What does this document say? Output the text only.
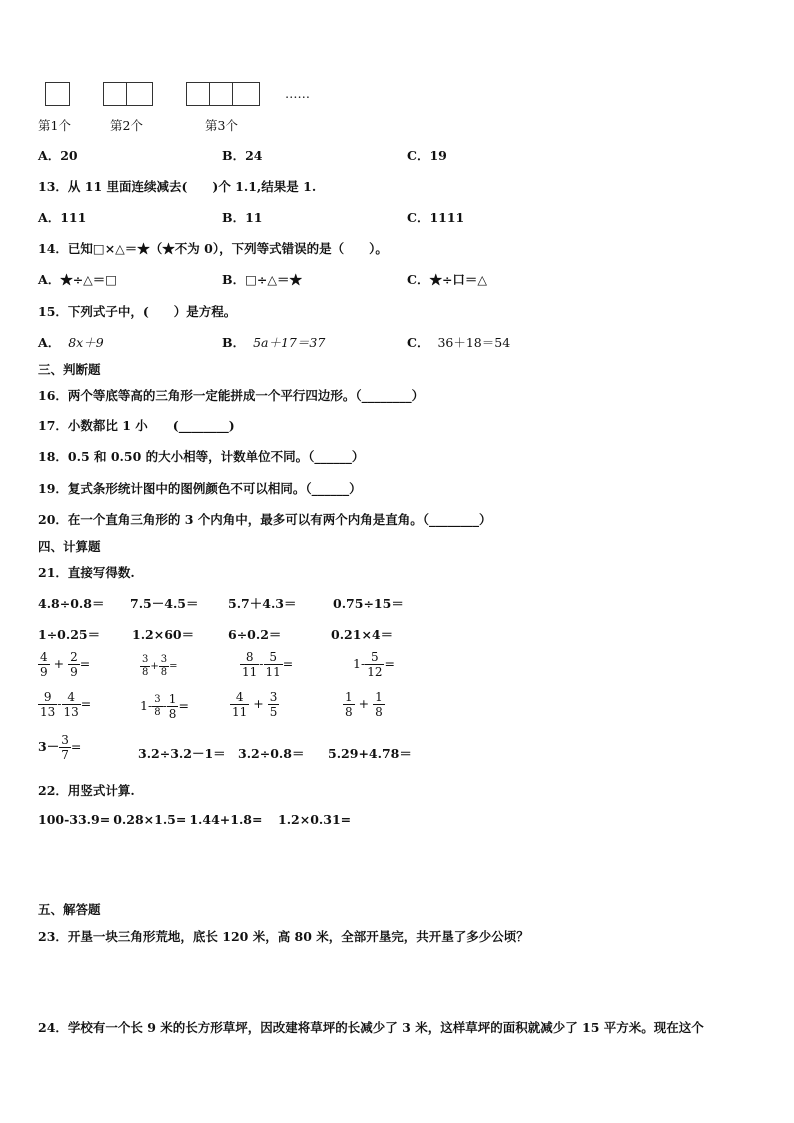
……
第1个	第2个	第3个
A．20	B．24	C．19
13．从 11 里面连续减去(　　)个 1.1,结果是 1.
A．111	B．11	C．1111
14．已知□×△＝★（★不为 0），下列等式错误的是（　　）。
A．★÷△＝□	B．□÷△＝★	C．★÷口＝△
15．下列式子中，(　　）是方程。
A． 8x＋9	B． 5a＋17＝37	C． 36＋18＝54
三、判断题
16．两个等底等高的三角形一定能拼成一个平行四边形。（________）
17．小数都比 1 小　　(________)
18．0.5 和 0.50 的大小相等，计数单位不同。（______）
19．复式条形统计图中的图例颜色不可以相同。（______）
20．在一个直角三角形的 3 个内角中，最多可以有两个内角是直角。（________）
四、计算题
21．直接写得数.
4.8÷0.8＝ 7.5－4.5＝ 5.7＋4.3＝	0.75÷15＝
1÷0.25＝	1.2×60＝	6÷0.2＝	0.21×4＝
$\frac{4}{9} + \frac{2}{9}$ =	$\frac{3}{8} + \frac{3}{8}$ =	$\frac{8}{11} - \frac{5}{11}$ =	$1- \frac{5}{12}$ =
$\frac{9}{13} - \frac{4}{13}$ =	$1- \frac{3}{8} - \frac{1}{8}$ =	$\frac{4}{11} + \frac{3}{5}$	$\frac{1}{8} + \frac{1}{8}$
$3- \frac{3}{7}$ =	3.2÷3.2－1＝ 3.2÷0.8＝ 5.29+4.78＝
22．用竖式计算.
100-33.9= 0.28×1.5= 1.44+1.8= 1.2×0.31=
五、解答题
23．开垦一块三角形荒地，底长 120 米，高 80 米，全部开垦完，共开垦了多少公顷？
24．学校有一个长 9 米的长方形草坪，因改建将草坪的长减少了 3 米，这样草坪的面积就减少了 15 平方米。现在这个
